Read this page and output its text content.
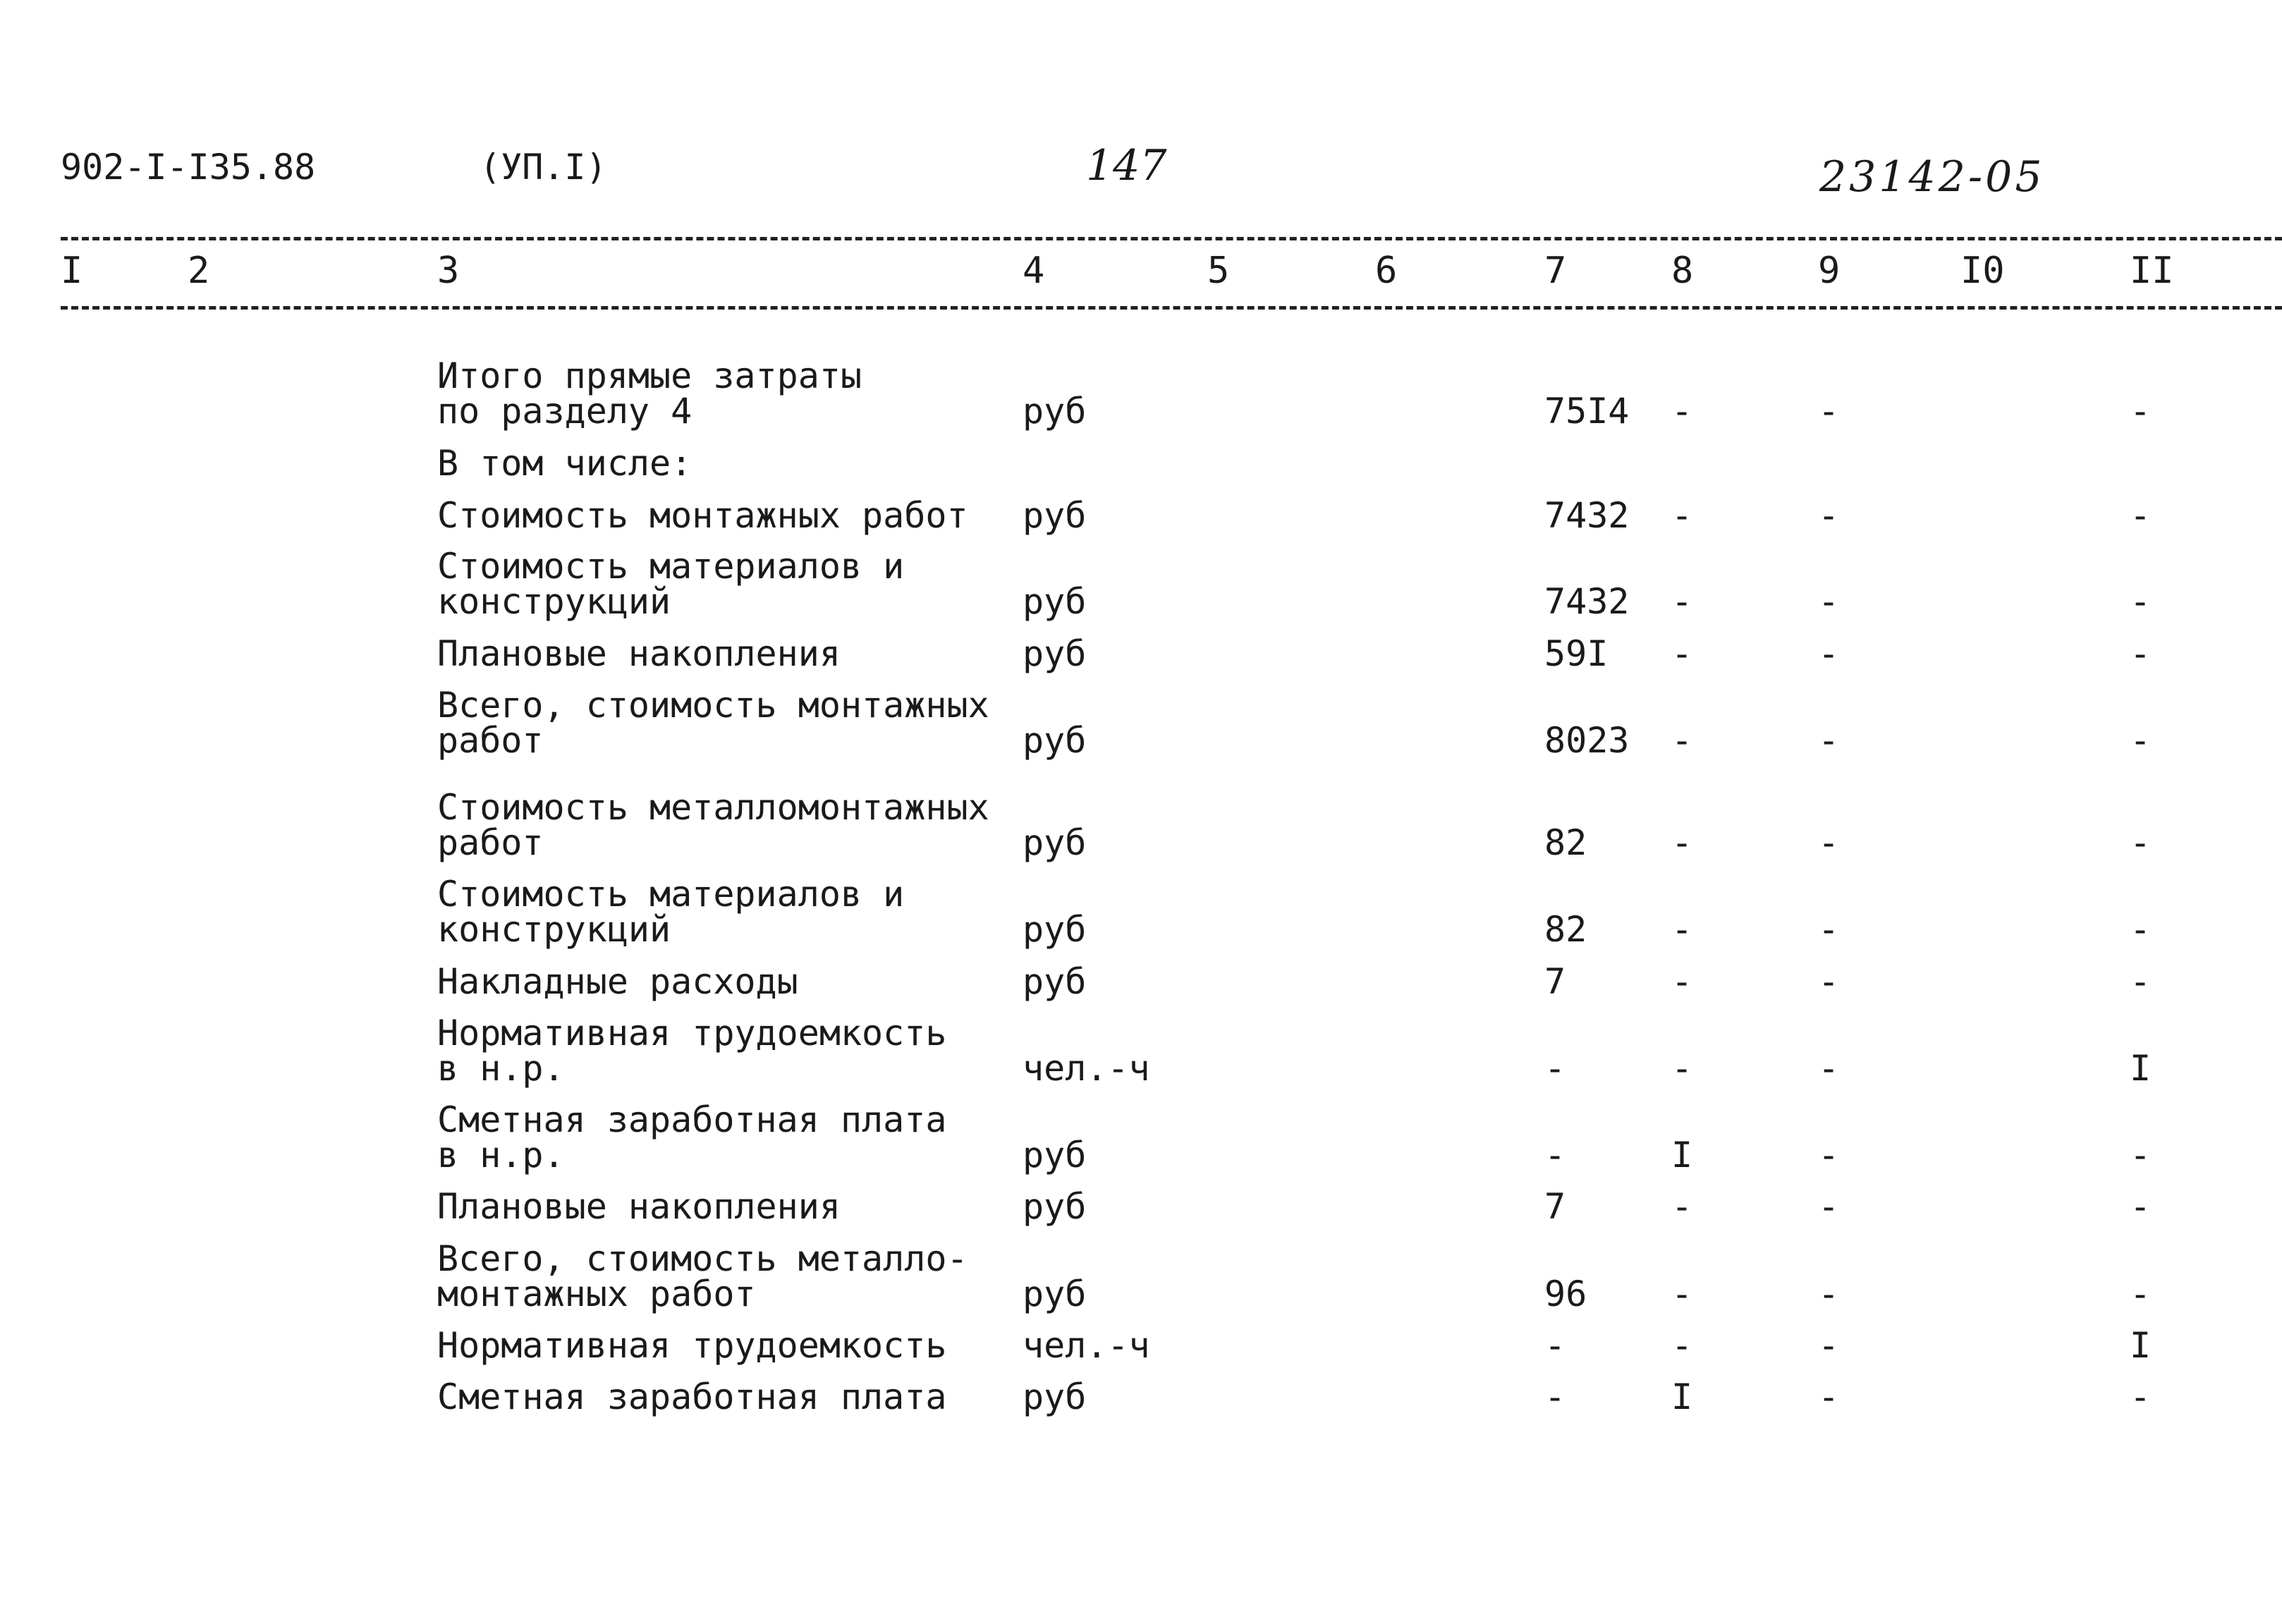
902-I-I35.88	(УП.I)	147	23142-05
I	2	3	4	5	6	7	8	9	I0	II
Итого прямые затраты
по разделу 4	руб	75I4 -	-	-
В том числе:
Стоимость монтажных работ руб	7432 -	-	-
Стоимость материалов и
конструкций	руб	7432 -	-	-
Плановые накопления	руб	59I -	-	-
Всего, стоимость монтажных
работ	руб	8023 -	-	-
Стоимость металломонтажных
работ	руб	82 -	-	-
Стоимость материалов и
конструкций	руб	82 -	-	-
Накладные расходы	руб	7	-	-	-
Нормативная трудоемкость
в н.р.	чел.-ч	-	-	-	I
Сметная заработная плата
в н.р.	руб	-	I	-	-
Плановые накопления	руб	7	-	-	-
Всего, стоимость металло-
монтажных работ	руб	96 -	-	-
Нормативная трудоемкость чел.-ч	-	-	-	I
Сметная заработная плата руб	-	I	-	-
